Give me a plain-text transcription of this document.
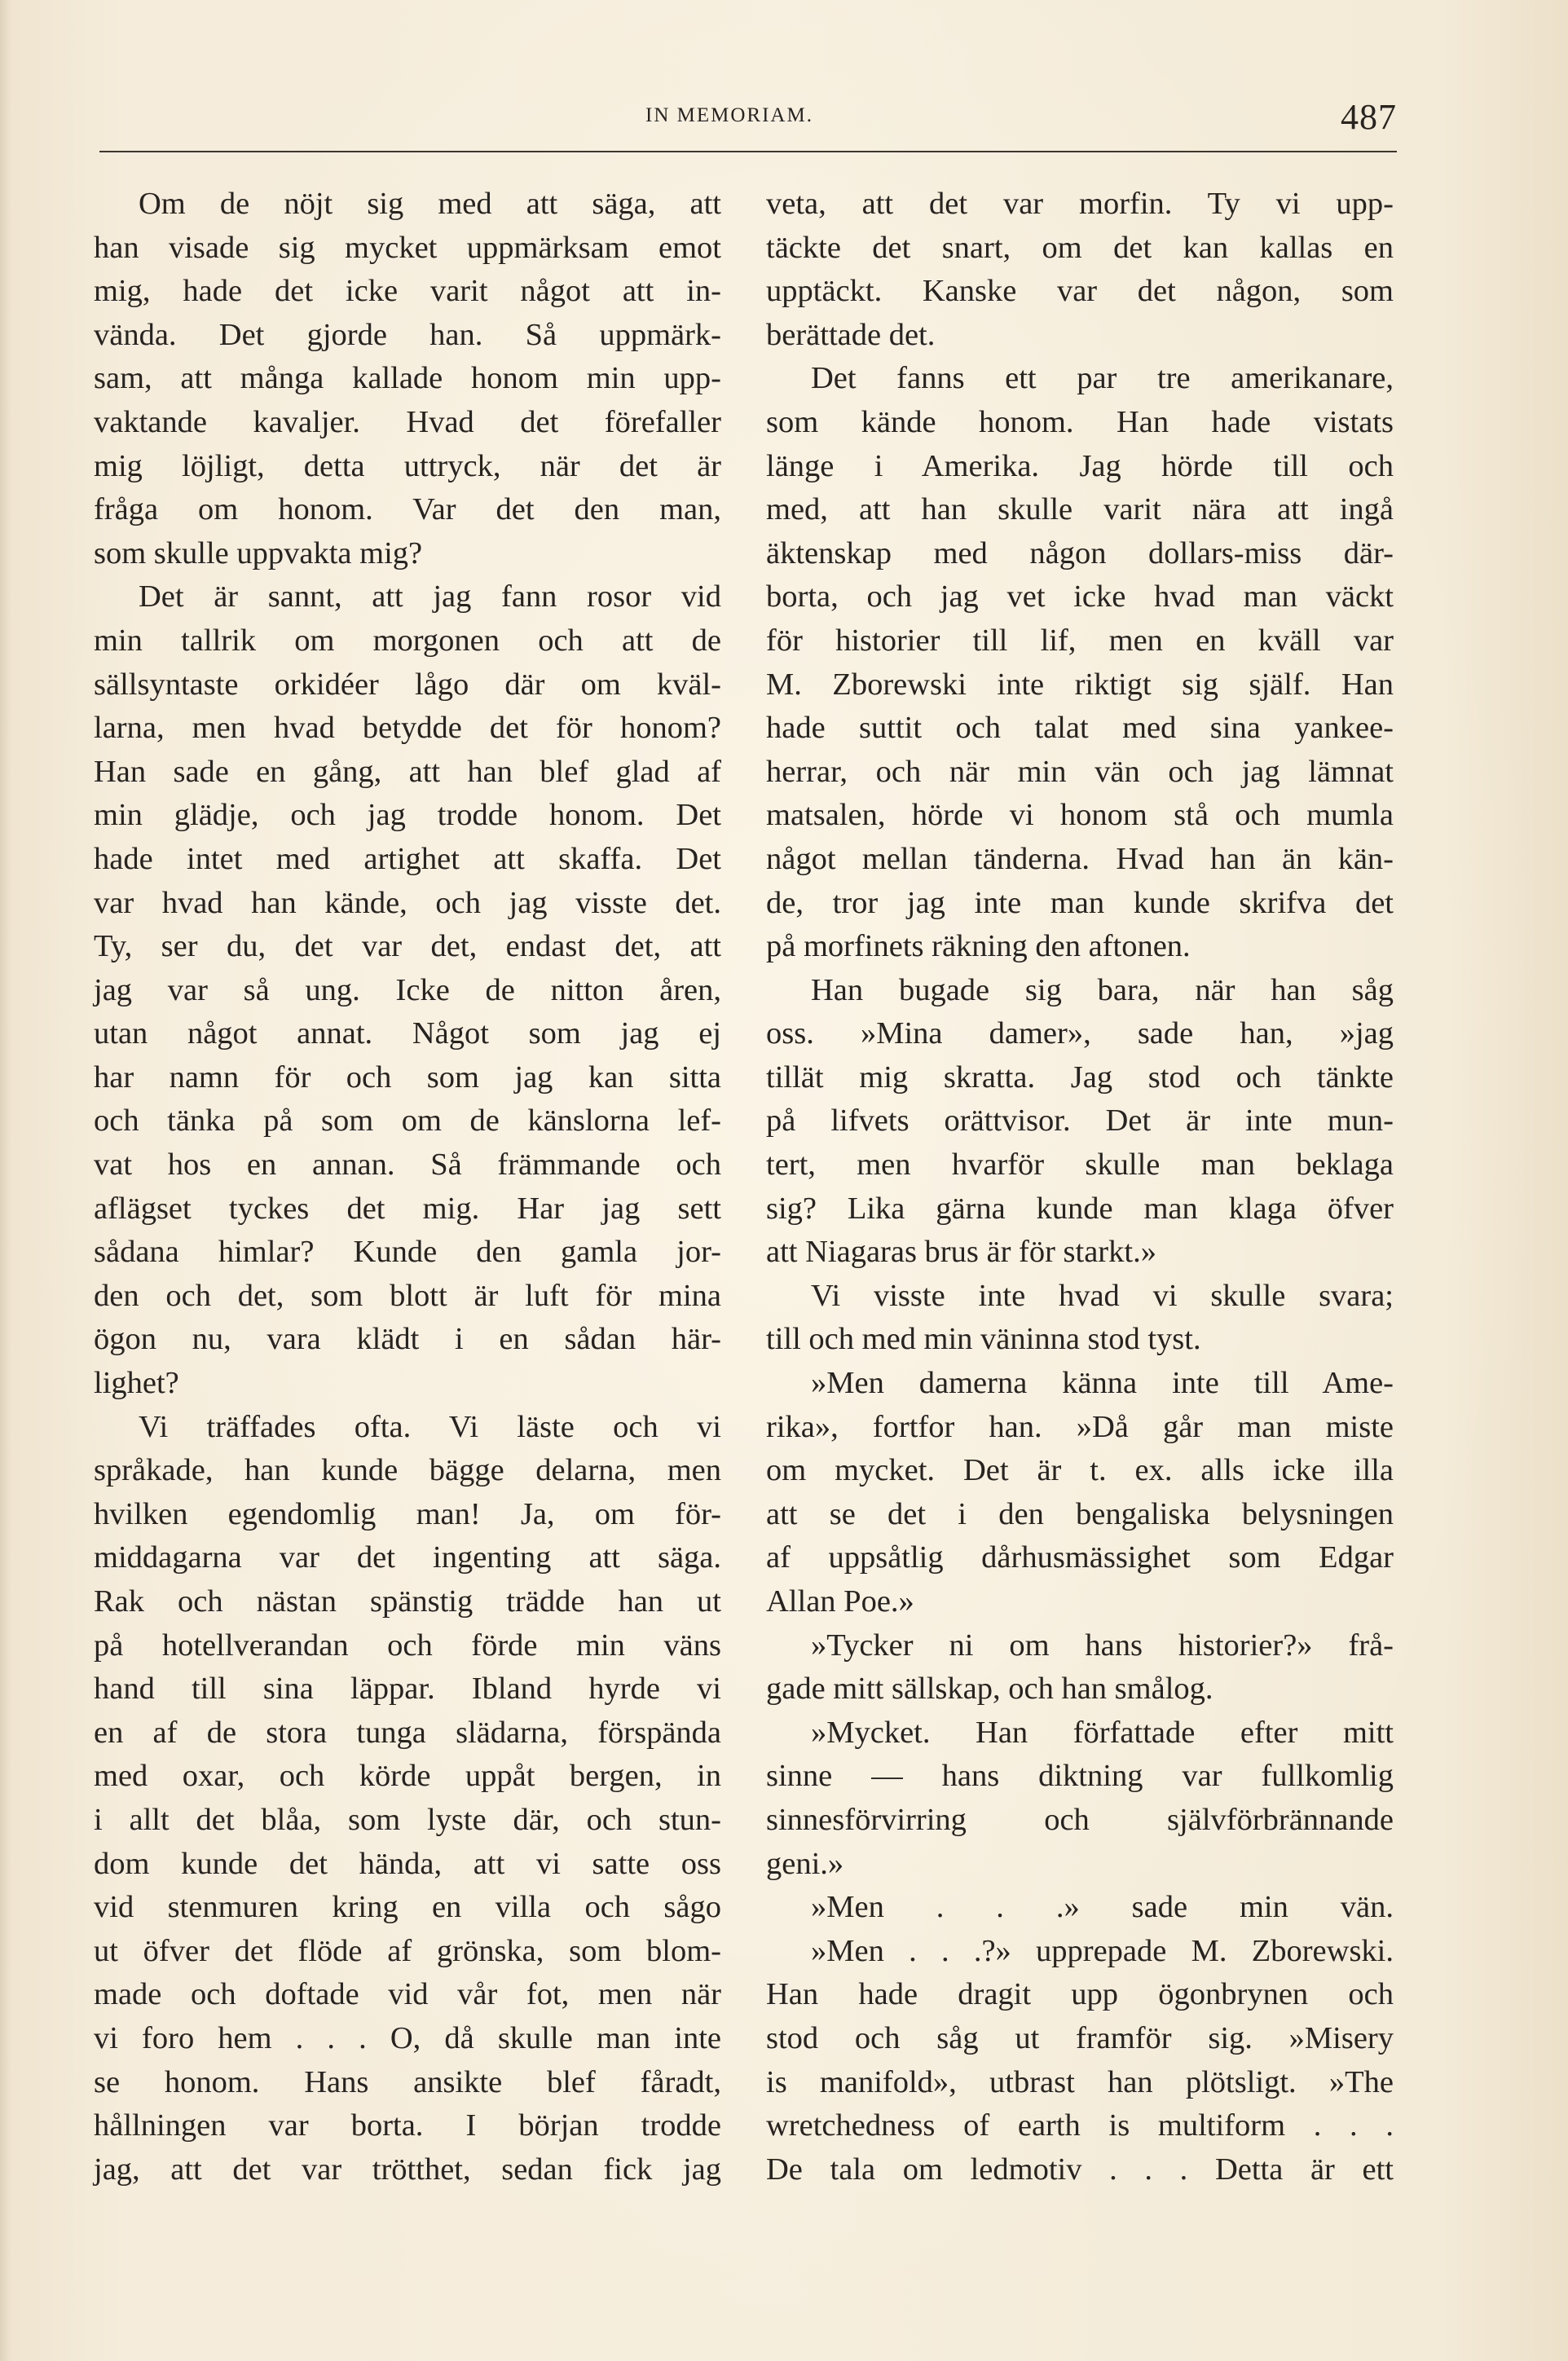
IN MEMORIAM.	487
Om de nöjt sig med att säga, att
han visade sig mycket uppmärksam emot
mig, hade det icke varit något att in-
vända. Det gjorde han. Så uppmärk-
sam, att många kallade honom min upp-
vaktande kavaljer. Hvad det förefaller
mig löjligt, detta uttryck, när det är
fråga om honom. Var det den man,
som skulle uppvakta mig?
Det är sannt, att jag fann rosor vid
min tallrik om morgonen och att de
sällsyntaste orkidéer lågo där om kväl-
larna, men hvad betydde det för honom?
Han sade en gång, att han blef glad af
min glädje, och jag trodde honom. Det
hade intet med artighet att skaffa. Det
var hvad han kände, och jag visste det.
Ty, ser du, det var det, endast det, att
jag var så ung. Icke de nitton åren,
utan något annat. Något som jag ej
har namn för och som jag kan sitta
och tänka på som om de känslorna lef-
vat hos en annan. Så främmande och
aflägset tyckes det mig. Har jag sett
sådana himlar? Kunde den gamla jor-
den och det, som blott är luft för mina
ögon nu, vara klädt i en sådan här-
lighet?
Vi träffades ofta. Vi läste och vi
språkade, han kunde bägge delarna, men
hvilken egendomlig man! Ja, om för-
middagarna var det ingenting att säga.
Rak och nästan spänstig trädde han ut
på hotellverandan och förde min väns
hand till sina läppar. Ibland hyrde vi
en af de stora tunga slädarna, förspända
med oxar, och körde uppåt bergen, in
i allt det blåa, som lyste där, och stun-
dom kunde det hända, att vi satte oss
vid stenmuren kring en villa och sågo
ut öfver det flöde af grönska, som blom-
made och doftade vid vår fot, men när
vi foro hem . . . O, då skulle man inte
se honom. Hans ansikte blef fåradt,
hållningen var borta. I början trodde
jag, att det var trötthet, sedan fick jag
veta, att det var morfin. Ty vi upp-
täckte det snart, om det kan kallas en
upptäckt. Kanske var det någon, som
berättade det.
Det fanns ett par tre amerikanare,
som kände honom. Han hade vistats
länge i Amerika. Jag hörde till och
med, att han skulle varit nära att ingå
äktenskap med någon dollars-miss där-
borta, och jag vet icke hvad man väckt
för historier till lif, men en kväll var
M. Zborewski inte riktigt sig själf. Han
hade suttit och talat med sina yankee-
herrar, och när min vän och jag lämnat
matsalen, hörde vi honom stå och mumla
något mellan tänderna. Hvad han än kän-
de, tror jag inte man kunde skrifva det
på morfinets räkning den aftonen.
Han bugade sig bara, när han såg
oss. »Mina damer», sade han, »jag
tillät mig skratta. Jag stod och tänkte
på lifvets orättvisor. Det är inte mun-
tert, men hvarför skulle man beklaga
sig? Lika gärna kunde man klaga öfver
att Niagaras brus är för starkt.»
Vi visste inte hvad vi skulle svara;
till och med min väninna stod tyst.
»Men damerna känna inte till Ame-
rika», fortfor han. »Då går man miste
om mycket. Det är t. ex. alls icke illa
att se det i den bengaliska belysningen
af uppsåtlig dårhusmässighet som Edgar
Allan Poe.»
»Tycker ni om hans historier?» frå-
gade mitt sällskap, och han smålog.
»Mycket. Han författade efter mitt
sinne — hans diktning var fullkomlig
sinnesförvirring och självförbrännande
geni.»
»Men . . .» sade min vän.
»Men . . .?» upprepade M. Zborewski.
Han hade dragit upp ögonbrynen och
stod och såg ut framför sig. »Misery
is manifold», utbrast han plötsligt. »The
wretchedness of earth is multiform . . .
De tala om ledmotiv . . . Detta är ett
